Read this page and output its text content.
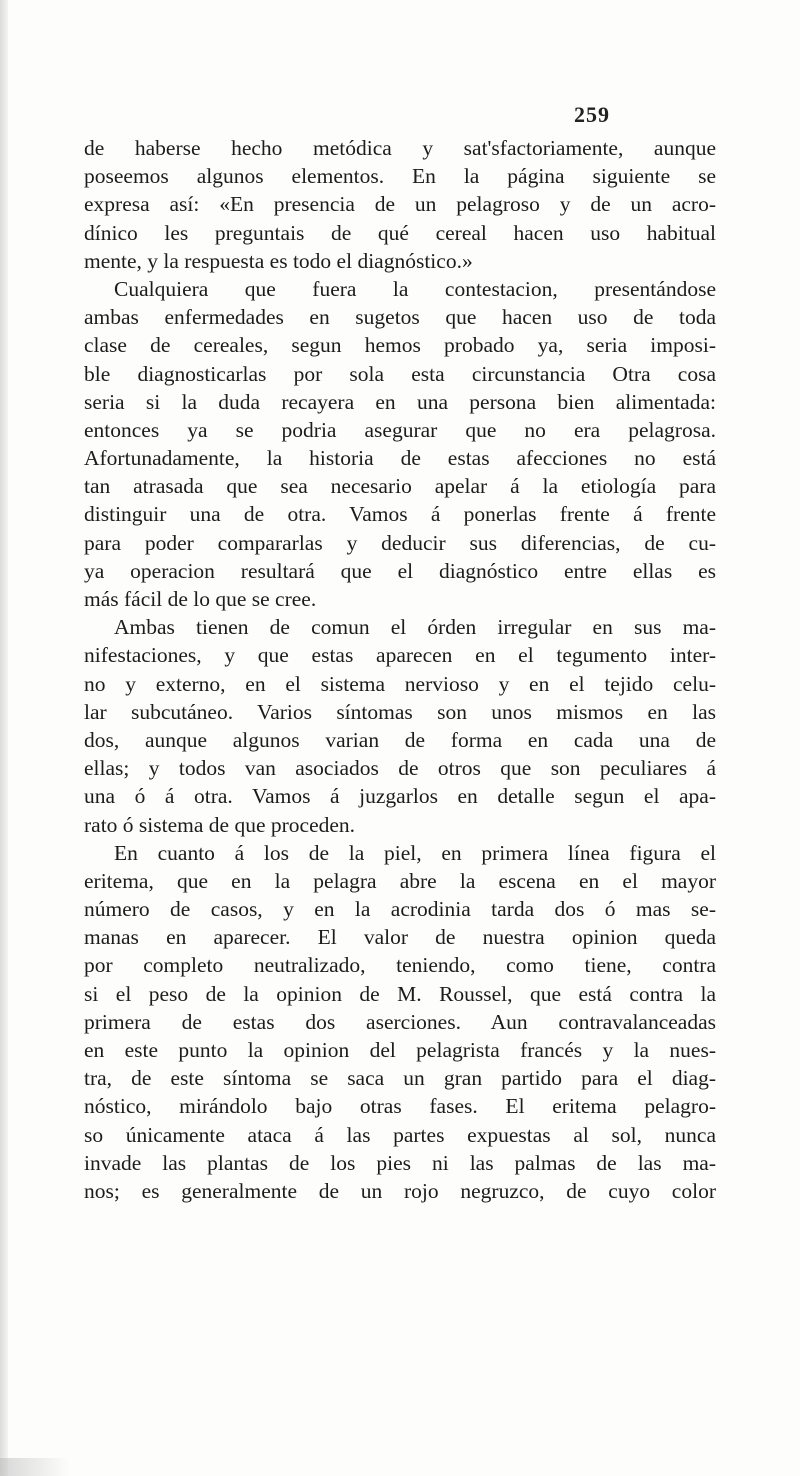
259
de haberse hecho metódica y sat'sfactoriamente, aunque
poseemos algunos elementos. En la página siguiente se
expresa así: «En presencia de un pelagroso y de un acro-
dínico les preguntais de qué cereal hacen uso habitual
mente, y la respuesta es todo el diagnóstico.»
Cualquiera que fuera la contestacion, presentándose
ambas enfermedades en sugetos que hacen uso de toda
clase de cereales, segun hemos probado ya, seria imposi-
ble diagnosticarlas por sola esta circunstancia Otra cosa
seria si la duda recayera en una persona bien alimentada:
entonces ya se podria asegurar que no era pelagrosa.
Afortunadamente, la historia de estas afecciones no está
tan atrasada que sea necesario apelar á la etiología para
distinguir una de otra. Vamos á ponerlas frente á frente
para poder compararlas y deducir sus diferencias, de cu-
ya operacion resultará que el diagnóstico entre ellas es
más fácil de lo que se cree.
Ambas tienen de comun el órden irregular en sus ma-
nifestaciones, y que estas aparecen en el tegumento inter-
no y externo, en el sistema nervioso y en el tejido celu-
lar subcutáneo. Varios síntomas son unos mismos en las
dos, aunque algunos varian de forma en cada una de
ellas; y todos van asociados de otros que son peculiares á
una ó á otra. Vamos á juzgarlos en detalle segun el apa-
rato ó sistema de que proceden.
En cuanto á los de la piel, en primera línea figura el
eritema, que en la pelagra abre la escena en el mayor
número de casos, y en la acrodinia tarda dos ó mas se-
manas en aparecer. El valor de nuestra opinion queda
por completo neutralizado, teniendo, como tiene, contra
si el peso de la opinion de M. Roussel, que está contra la
primera de estas dos aserciones. Aun contravalanceadas
en este punto la opinion del pelagrista francés y la nues-
tra, de este síntoma se saca un gran partido para el diag-
nóstico, mirándolo bajo otras fases. El eritema pelagro-
so únicamente ataca á las partes expuestas al sol, nunca
invade las plantas de los pies ni las palmas de las ma-
nos; es generalmente de un rojo negruzco, de cuyo color
